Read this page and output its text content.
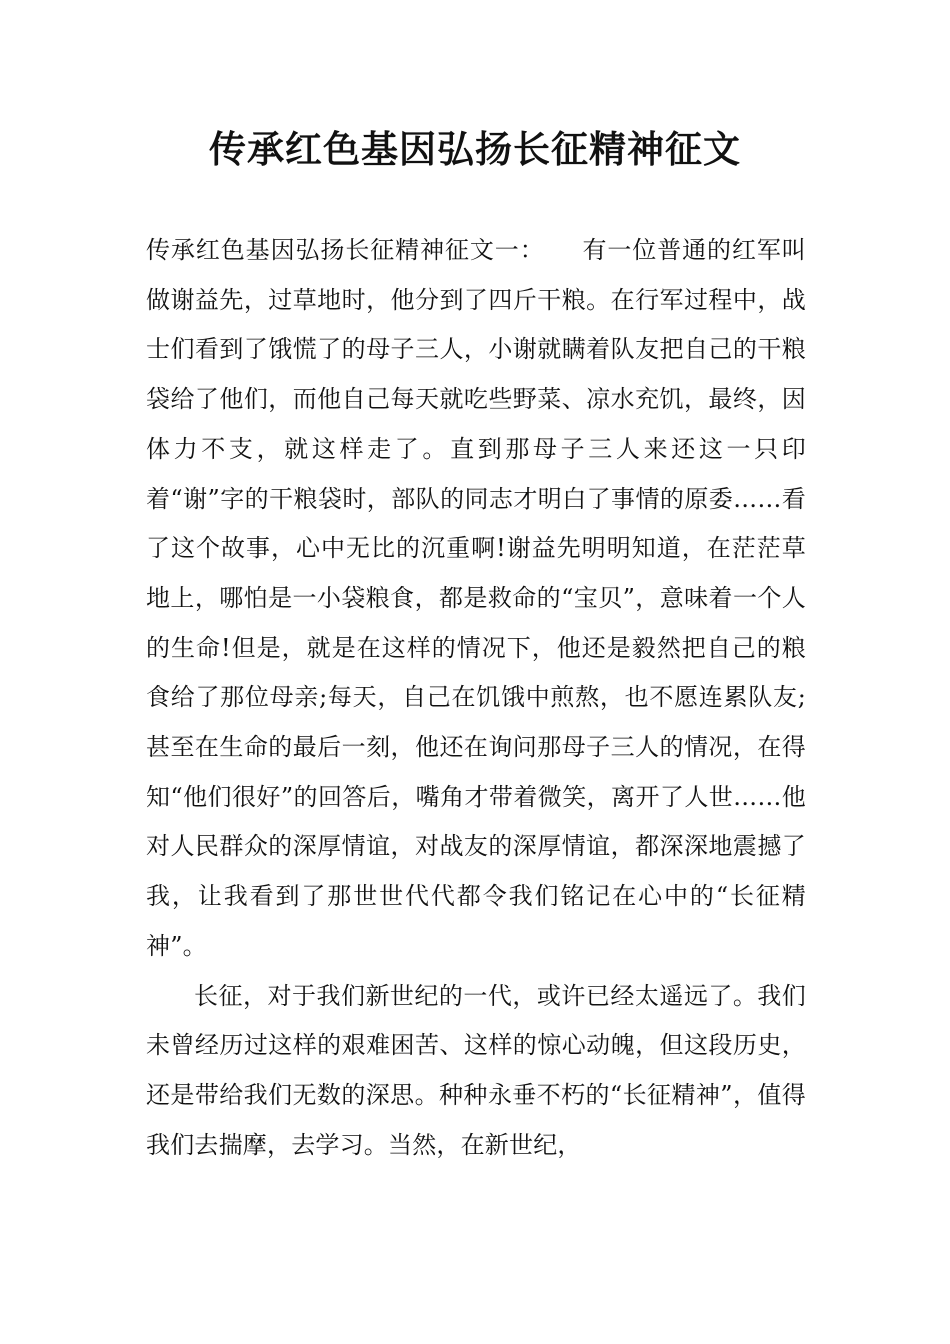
传承红色基因弘扬长征精神征文

传承红色基因弘扬长征精神征文一：　　有一位普通的红军叫做谢益先，过草地时，他分到了四斤干粮。在行军过程中，战士们看到了饿慌了的母子三人，小谢就瞒着队友把自己的干粮袋给了他们，而他自己每天就吃些野菜、凉水充饥，最终，因体力不支，就这样走了。直到那母子三人来还这一只印着“谢”字的干粮袋时，部队的同志才明白了事情的原委……看了这个故事，心中无比的沉重啊!谢益先明明知道，在茫茫草地上，哪怕是一小袋粮食，都是救命的“宝贝”，意味着一个人的生命!但是，就是在这样的情况下，他还是毅然把自己的粮食给了那位母亲;每天，自己在饥饿中煎熬，也不愿连累队友;甚至在生命的最后一刻，他还在询问那母子三人的情况，在得知“他们很好”的回答后，嘴角才带着微笑，离开了人世……他对人民群众的深厚情谊，对战友的深厚情谊，都深深地震撼了我，让我看到了那世世代代都令我们铭记在心中的“长征精神”。

长征，对于我们新世纪的一代，或许已经太遥远了。我们未曾经历过这样的艰难困苦、这样的惊心动魄，但这段历史，还是带给我们无数的深思。种种永垂不朽的“长征精神”，值得我们去揣摩，去学习。当然，在新世纪，
